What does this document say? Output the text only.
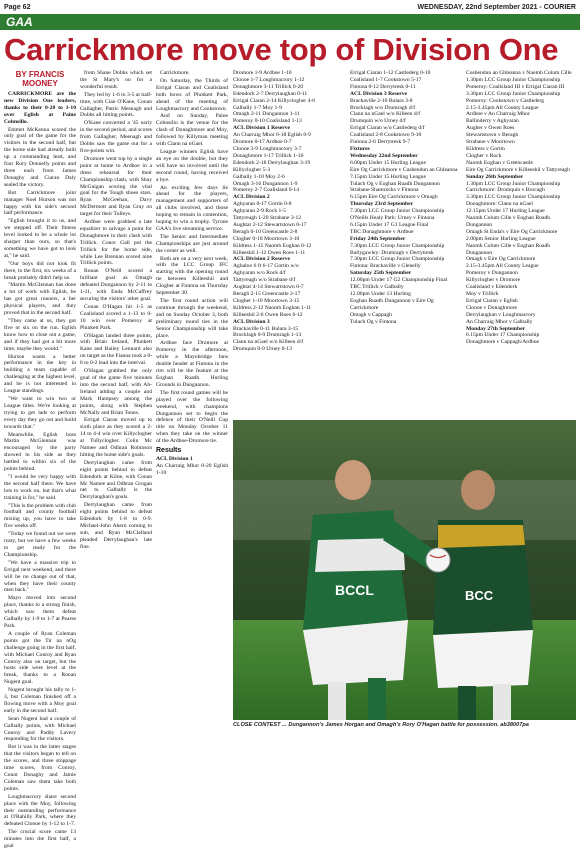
Page 62	WEDNESDAY, 22nd September 2021 - COURIER
GAA
Carrickmore move top of Division One
BY FRANCIS
MOONEY

CARRICKMORE are the new Division One leaders, thanks to their 0-20 to 1-10 over Eglish at Paine Cohnsillo.

Emmet McKenna scored the only goal of the game for the visitors in the second half, but the home side had already built up a commanding lead, and four Rory Donnelly points and three each from James Donaghy and Ciaran Daly sealed the victory.

But Carrickmore joint manager Noel Hurson was not happy with his side's second half performance.

"Eglish brought it to us, and we stepped off. Their fitness level looked to be a whole lot sharper than ours, so that's something we have got to look at," he said.

"Our boys did not look fit there, to the first, six weeks of a break probably didn't help us.

"Martin McGlennan has done a lot of work with Eglish, he has got great runners, a her physical players, and they proved that in the second half.

"They came at us, they got five or six on the run. Eglish know how to close out a game, and if they had got a bit more time, maybe they would."

Hurson wants a better performance in the key in building a team capable of challenging at the highest level, and he is not interested in League standings.

"We want to win two or League titles. We're looking at trying to get lads to perform every day they go out and build towards that."

Meanwhile, Eglish boss Martin McGlennan was encouraged by the party showed in his side as they battled to within six of the points behind.

"I would be very happy with the second half there. We have lots to work on, but that's what training is for," he said.

"This is the problem with club football and county football mixing up, you have to take five weeks off.

"Today we found out we were rusty, but we have a few weeks to get ready for the Championship.

"We have a massive trip to Errigal next weekend, and there will be no change out of that, when they have their county men back."

Mayo moved into second place, thanks to a strong finish, which saw them defeat Galbally by 1-9 to 1-7 at Pearse Park.

A couple of Ryan Coleman points got the Tir na nOg challenge going in the first half, with Michael Conroy and Ryan Conroy also on target, but the hosts side were level at the break, thanks to a Ronan Nugent goal.

Nugent brought his tally to 1-3, but Coleman finished off a flowing move with a Moy goal early in the second half.

Sean Nugent had a couple of Galbally points, with Michael Conroy and Paddy Lavery responding for the visitors.

But it was in the latter stages that the visitors began to tell on the scores, and three stoppage time scores, from Conroy, Conor Donaghy and Jamie Coleman saw them take both points.

Loughmacrory share second place with the Moy, following their outstanding performance at O'Rahilly Park, where they defeated Clonoe by 1-12 to 1-7.

The crucial score came 13 minutes into the first half, a goal

from Shane Dobbs which set the St Mary's on for a wonderful result.

They led by 1-6 to 3-5 at half-time, with Cian O'Kane, Conan Gallagher, Patric Mesnagh and Dobbs all hitting points.

O'Kane converted a '45 early in the second period, and scores from Gallagher, Meenagh and Dobbs saw the game out for a five-points win.

Dromore went top by a single point at home to Ardboe in a dress rehearsal for their Championship clash, with Shay McGuigan scoring the vital goal for the Tough shoes stars. Ryan McGeehan, Davy McDermott and Ryan Gray on target for their Tulleys.

Ardboe were grabbed a late equalizer to salvage a point for Donaghmore in their clash with Trillick. Conor Gall put the Trillick for the home side, while Lee Brennan scored nine Trillick points.

Ronan O'Neill scored a brilliant goal as Omagh defeated Dungannon by 2-11 to 1-11, with Enda McCaffrey securing the visitors' other goal.

Conan O'Hagan hit 1-5 as Coalisland scored a 1-13 to 0-10 win over Pomeroy at Plunkett Park.

O'Hagan landed three points, with Brian Ireland, Plunkett Kane and Bailey Lennard also on target as the Fianna took a 0-6 to 0-2 lead into the interval.

O'Hagan grabbed the only goal of the game five minutes into the second half, with Ah-Ireland adding a couple and Mark Hampsey among the points, along with Stephen McNally and Brian Tones.

Errigal Ciaran moved up to sixth place as they scored a 2-14 to 4-4 win over Killyclogher at Tullyclogher. Colin Mc Namee and Odhran Robinson hitting the home side's goals.

Derrylaughan came from eight points behind to defeat Edendork at Kilne, with Conan Mc Namee and Odhran Grogan net ts. Galbally is the Derrylaughan's goals.

Derrylaughan came from eight points behind to defeat Edendork by 1-8 to 0-9. Michael-John Ahern coming to sub, and Ryan McClelland pleaded Derrylaughan's late fine.

Carrickmore.

On Saturday, the Thirds of Errigal Ciaran and Coalisland both bows of Plunkett Park, ahead of the meeting of Loughmacrory and Cookstown.

And on Sunday, Paine Cohnsillo is the venue for the clash of Donaghmore and Moy, followed by Killyman meeting with Clann na nGael.

League winners Eglish have an eye on the double, but they will have no involved until the second round, having received a bye.

An exciting few days lie ahead for the players, management and supporters of all clubs involved, and those hoping to remain in contention, hoping to win a trophy. Tyrone GAA's live streaming service.

The Senior and Intermediate Championships are just around the corner as well.

Both are on a very next week, with the LCC Group IFC starting with the opening round tie between Killeeshil and Clogher at Fintona on Thursday September 30.

The first round action will continue through the weekend, and on Sunday October 3, both preliminary round ties in the Senior Championship will take place.

Ardboe face Dromore at Pomeroy in the afternoon, while a Mayobridge fans double header at Fintona in the rim will be the feature at the Eoghan Ruadh Hurling Grounds in Dungannon.

The first round games will be played over the following weekend, with champions Dungannon set to begin the defence of their O'Neill Cup title on Monday October 11 when they take on the winner of the Ardboe-Dromore tie.

Results
ACL Division 1
An Charraig Mhor 0-20 Eglish 1-10
Dromore 1-9 Ardboe 1-10
Clonoe 1-7 Loughmacrory 1-12
Donaghmore 3-11 Trillick 0-20
Edendork 2-7 Derrylaughan 0-11
Errigal Ciaran 2-14 Killyclogher 4-6
Galbally 1-7 Moy 1-9
Omagh 2-11 Dungannon 1-11
Pomeroy 0-10 Coalisland 1-13
ACL Division 1 Reserve
An Charraig Mhor 6-18 Eglish 0-9
Dromore 0-17 Ardboe 0-7
Clonoe 3-9 Loughmacrory 3-7
Donaghmore 1-17 Trillick 1-10
Edendork 2-18 Derrylaughan 3-19
Killyclogher 5-3
Galbally 1-10 Moy 2-6
Omagh 3-16 Dungannon 1-9
Pomeroy 2-7 Coalisland 0-14
ACL Division 2
Aghyaran 0-17 Gortin 0-8
Aghyaran 2-9 Rock 1-5
Tattyreagh 1-20 Strabane 3-12
Aughtar 2-12 Stewartstown 0-17
Beragh 0-10 Greencastle 2-8
Clogher 0-18 Moortown 3-10
Kildress 1-15 Naomh Eoghan 0-12
Killeeshil 1-12 Owen Roes 1-11
ACL Division 2 Reserve
Aghaloo 6 ft 6-17 Gortin w/o
Aghyaran w/o Rock d/f
Tattyreagh w/o Strabane d/f
Aughtar 4-14 Stewartstown 0-7
Beragh 2-15 Greencastle 2-17
Clogher 1-10 Moortown 3-15
Kildress 2-12 Naomh Eoghan 1-11
Killeeshil 2-6 Owen Roes 6-12
ACL Division 3
Brackaville 0-11 Bulara 3-15
Brocklagh 0-9 Drumragh 1-13
Clann na nGael w/o Killeen d/f
Drumquin 0-9 Urney 0-13
Errigal Ciaran 1-12 Castlederg 0-10
Coalisland 1-7 Cookstown 5-17
Fintona 0-12 Derrytresk 0-11
ACL Division 3 Reserve
Brackaville 2-10 Bulara 3-8
Brocklagh w/o Drumragh d/f
Clann na nGael w/o Killeen d/f
Drumquin w/o Urney d/f
Errigal Ciaran w/o Castlederg d/f
Coalisland 2-8 Cookstown 9-10
Fintona 2-6 Derrytresk 9-7
Fixtures
Wednesday 22nd September
6.00pm Under 15 Hurling League
Eire Og Carrickmore v Cushendun an Ghleanna
7.15pm Under 15 Hurling League
Tulach Og v Eoghan Ruadh Dungannon
Strabane Shamrocks v Fintona
6.15pm Eire Og Carrickmore v Omagh
Thursday 23rd September
7.30pm LCC Group Junior Championship
O'Neills Healy Park: Urney v Fintona
6.15pm Under 17 G1 League Final
TBC Donaghmore v Ardboe
Friday 24th September
7.30pm LCC Group Junior Championship
Ballygawley: Drumragh v Derrytresk
7.30pm LCC Group Junior Championship
Fintona: Brackaville v Glenelly
Saturday 25th September
12.00pm Under 17 G2 Championship Final
TBC Trillick v Galbally
12.00pm Under 13 Hurling
Eoghan Ruadh Dungannon v Eire Og Carrickmore
Omagh v Cappagh
Tulach Og v Fintona
Cushendun an Ghleanna v Naomh Colum Cille
1.30pm LCC Group Junior Championship
Pomeroy: Coalisland III v Errigal Ciaran III
3.30pm LCC Group Junior Championship
Pomeroy: Cookstown v Castlederg
2.15-3.45pm All County League
Ardboe v An Charraig Mhor
Ballinderry v Aghyaran
Augher v Owen Roes
Stewartstown v Beragh
Strabane v Moortown
Kildress v Gortin
Clogher v Rock
Naomh Eoghan v Greencastle
Eire Og Carrickmore v Killeeshil v Tattyreagh
Sunday 26th September
1.30pm LCC Group Junior Championship
Carrickmore: Dromquin v Brocagh
3.30pm LCC Group Junior Championship
Donaghmore: Clann na nGael
12.15pm Under 17 Hurling League
Naomh Colum Cille v Eoghan Ruadh Dungannon
Omagh St Enda's v Eire Og Carrickmore
2.00pm Senior Hurling League
Naomh Colum Cille v Eoghan Ruadh Dungannon
Omagh v Eire Og Carrickmore
2.15-3.45pm All County League
Pomeroy v Dungannon
Killyclogher v Dromore
Coalisland v Edendork
Moy v Trillick
Errigal Ciaran v Eglish
Clonoe v Donaghmore
Derrylaughan v Loughmacrory
An Charraig Mhor v Galbally
Monday 27th September
6.15pm Under 17 Championship
Donaghmore v Cappagh/Ardboe
BCCL	BCC
CLOSE CONTEST ... Dungannon's James Horgan and Omagh's Rory O'Hagan battle for possession. ab38007pa
